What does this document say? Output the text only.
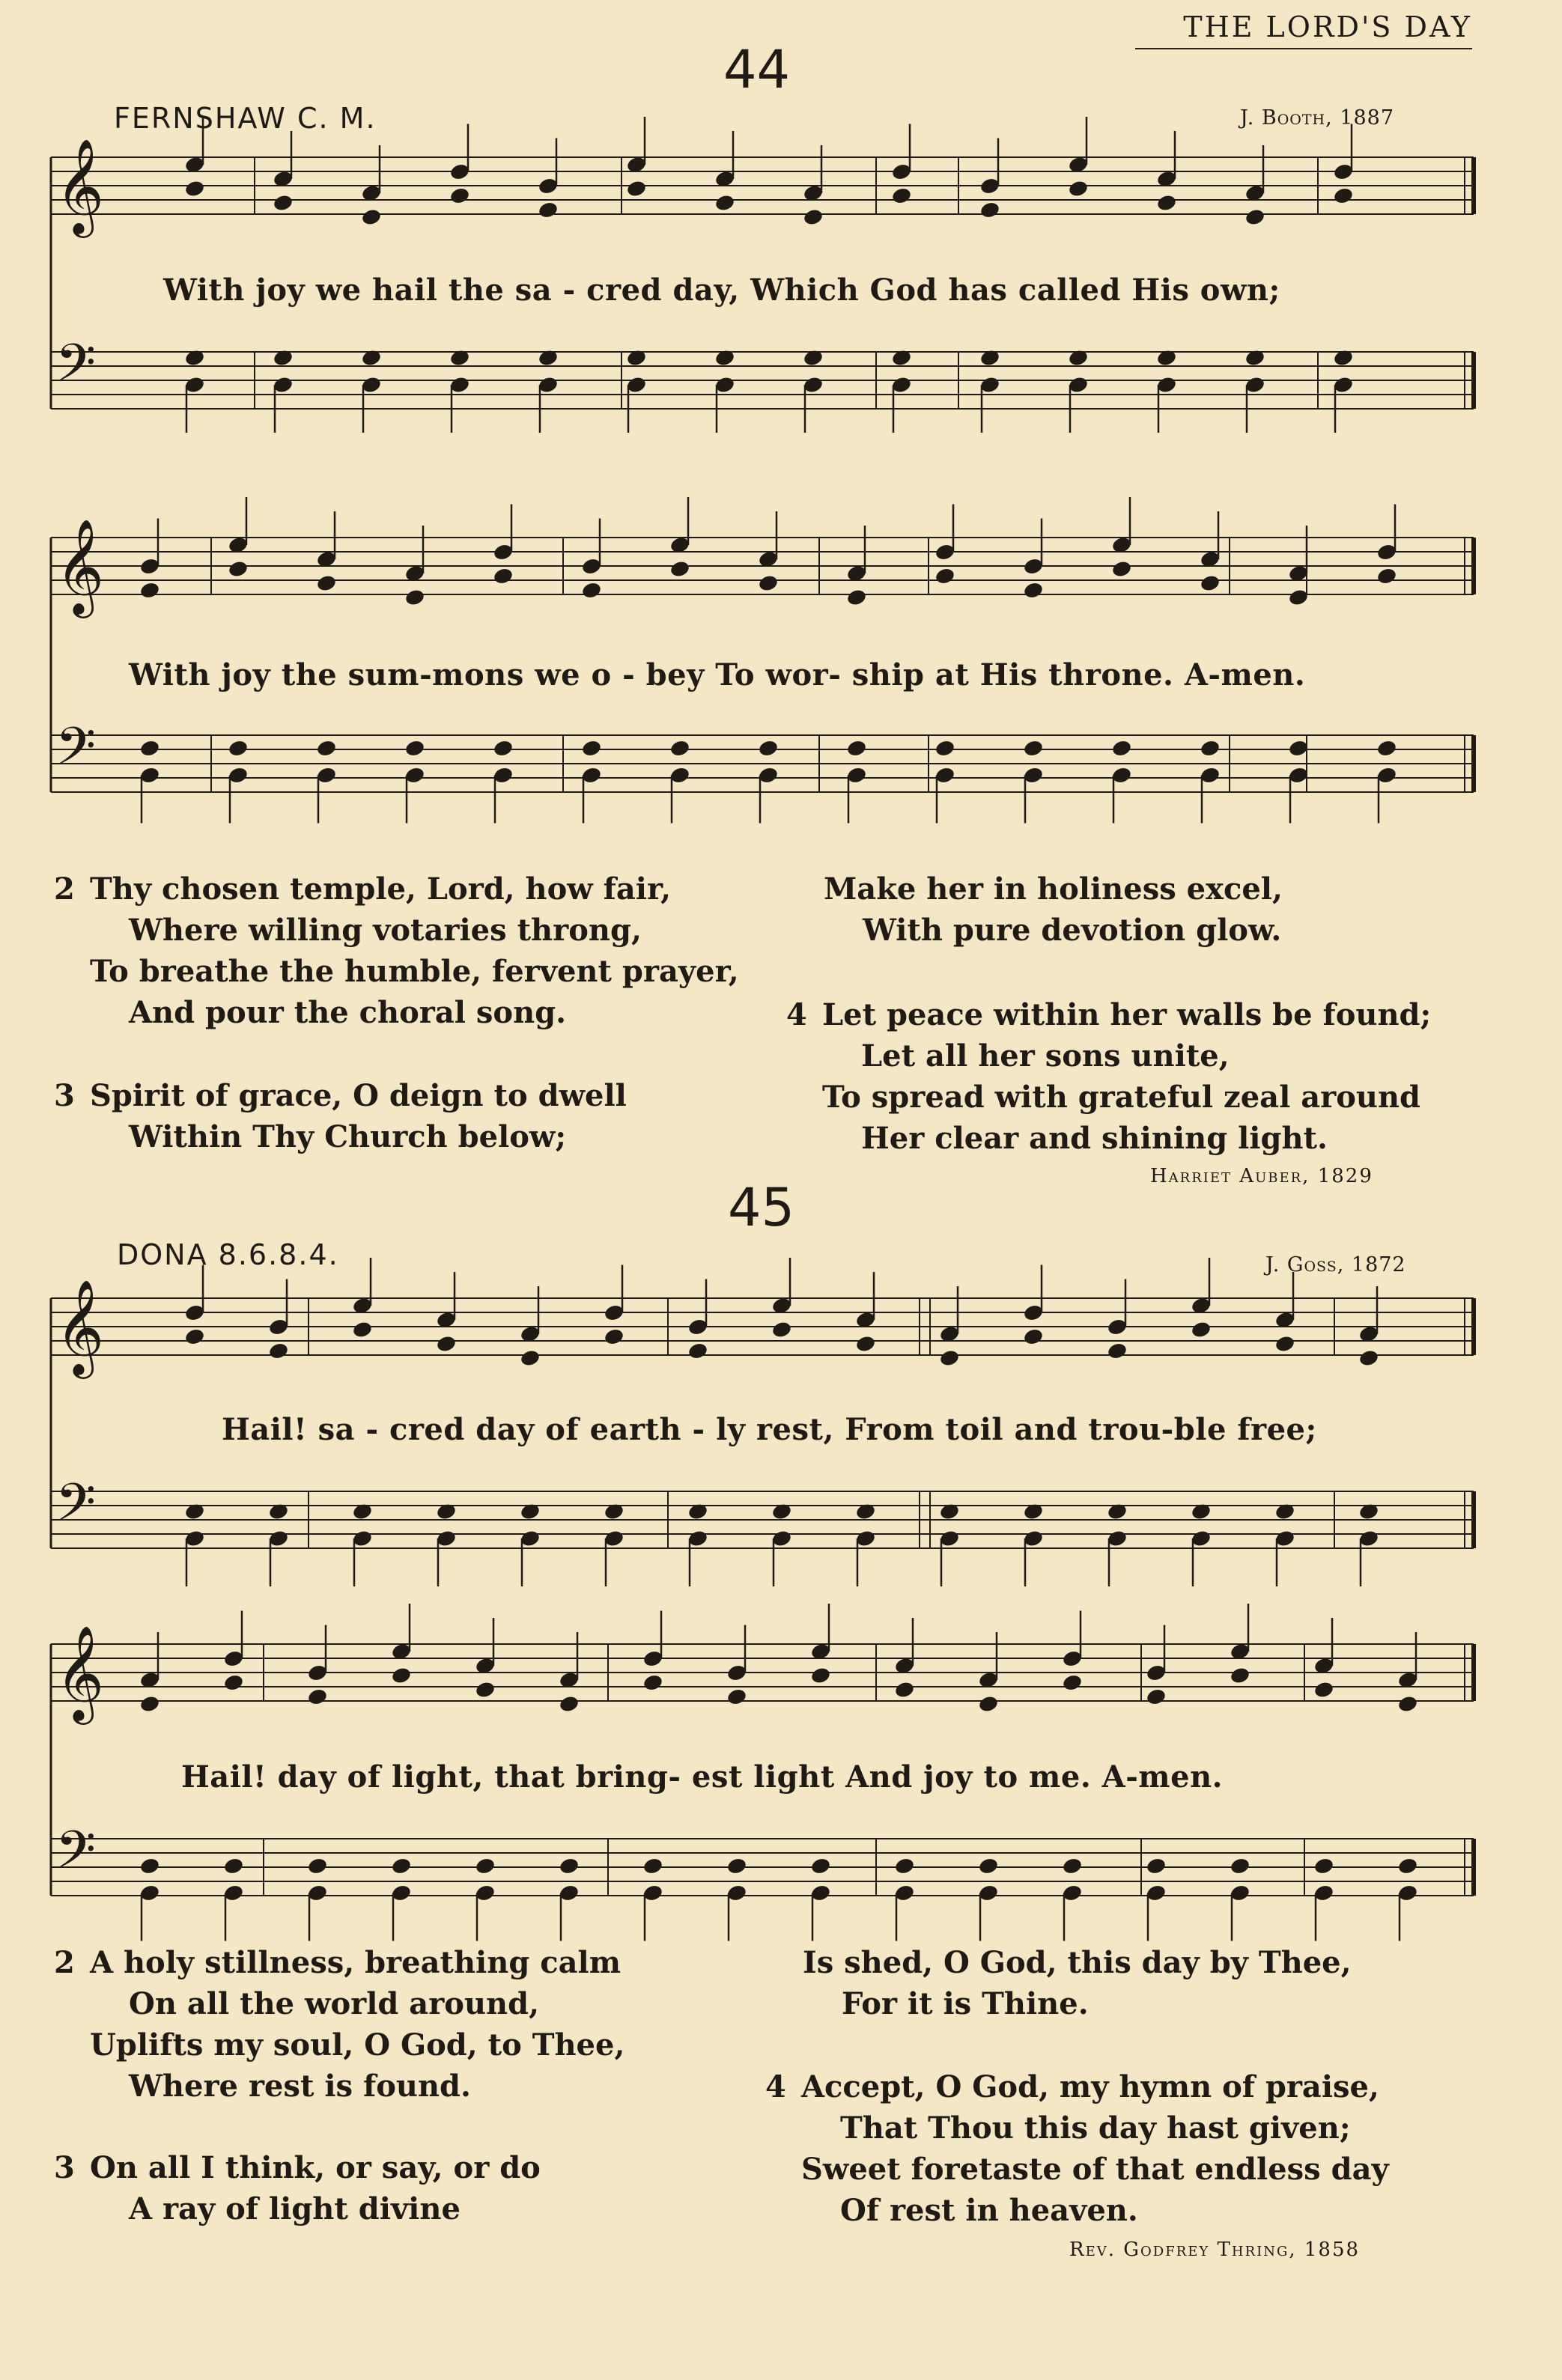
THE LORD'S DAY
44
FERNSHAW C. M.	J. Booth, 1887
𝄞
𝄢
𝄞
𝄢
𝄞
𝄢
𝄞
𝄢
With joy we hail the sa - cred day, Which God has called His own;
With joy the sum-mons we o - bey To wor- ship at His throne. A-men.
2 Thy chosen temple, Lord, how fair,
Where willing votaries throng,
To breathe the humble, fervent prayer,
And pour the choral song.
3 Spirit of grace, O deign to dwell
Within Thy Church below;
Make her in holiness excel,
With pure devotion glow.
4 Let peace within her walls be found;
Let all her sons unite,
To spread with grateful zeal around
Her clear and shining light.
Harriet Auber, 1829
45
DONA 8.6.8.4.	J. Goss, 1872
Hail! sa - cred day of earth - ly rest, From toil and trou-ble free;
Hail! day of light, that bring- est light And joy to me. A-men.
2 A holy stillness, breathing calm
On all the world around,
Uplifts my soul, O God, to Thee,
Where rest is found.
3 On all I think, or say, or do
A ray of light divine
Is shed, O God, this day by Thee,
For it is Thine.
4 Accept, O God, my hymn of praise,
That Thou this day hast given;
Sweet foretaste of that endless day
Of rest in heaven.
Rev. Godfrey Thring, 1858
